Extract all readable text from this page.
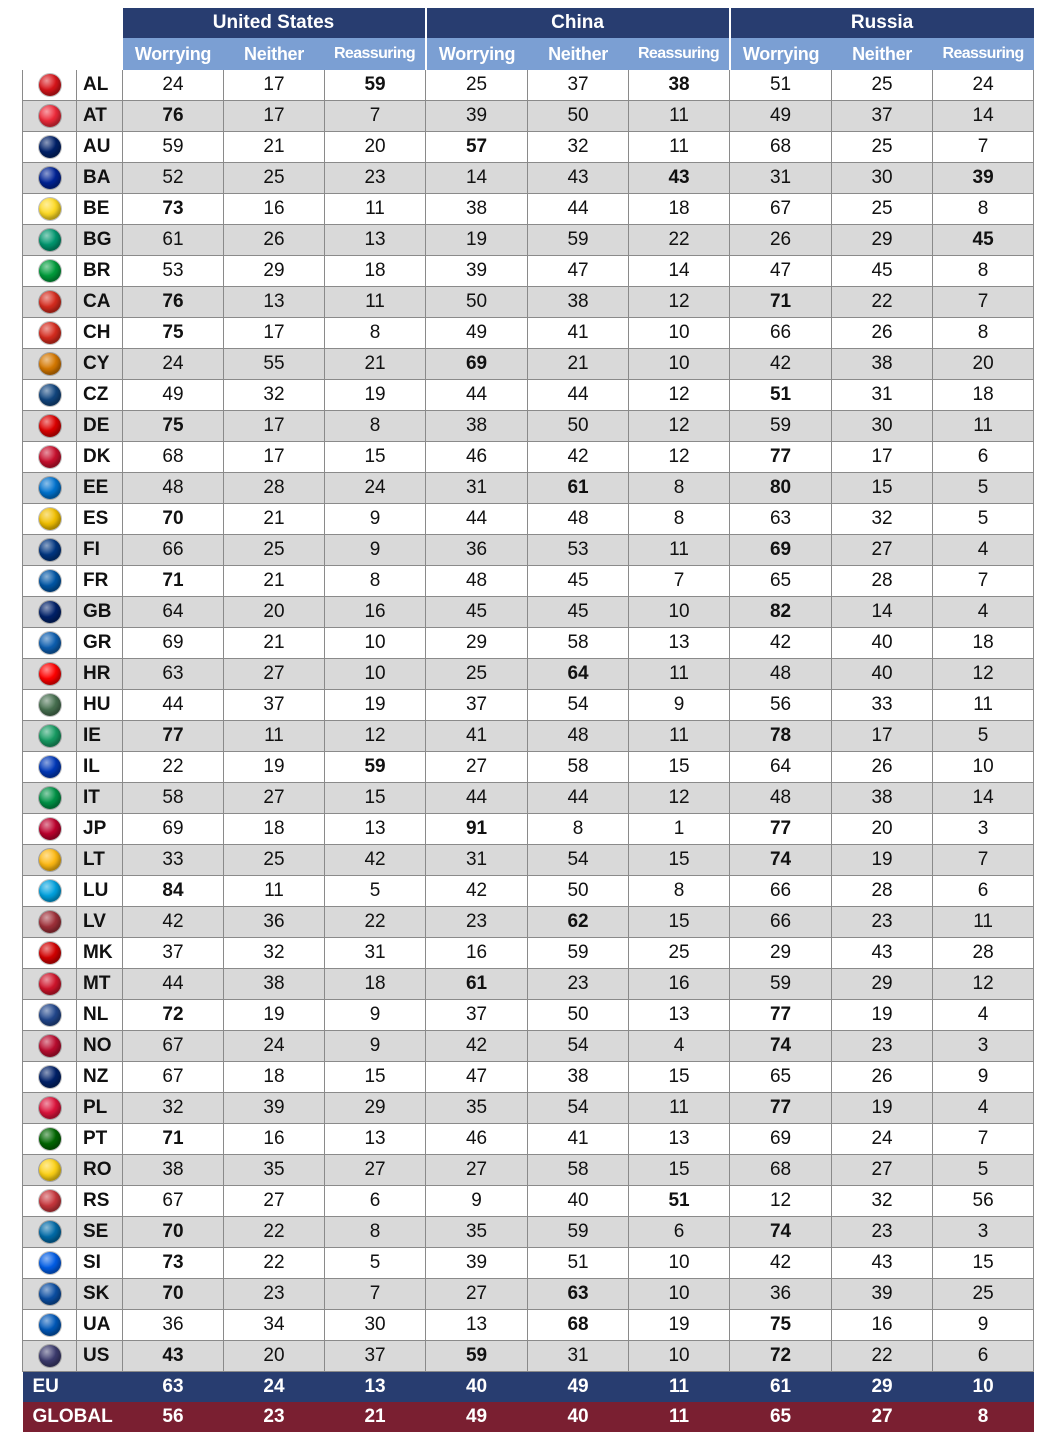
		United States			China			Russia		
		Worrying	Neither	Reassuring	Worrying	Neither	Reassuring	Worrying	Neither	Reassuring
	AL	24	17	59	25	37	38	51	25	24
	AT	76	17	7	39	50	11	49	37	14
	AU	59	21	20	57	32	11	68	25	7
	BA	52	25	23	14	43	43	31	30	39
	BE	73	16	11	38	44	18	67	25	8
	BG	61	26	13	19	59	22	26	29	45
	BR	53	29	18	39	47	14	47	45	8
	CA	76	13	11	50	38	12	71	22	7
	CH	75	17	8	49	41	10	66	26	8
	CY	24	55	21	69	21	10	42	38	20
	CZ	49	32	19	44	44	12	51	31	18
	DE	75	17	8	38	50	12	59	30	11
	DK	68	17	15	46	42	12	77	17	6
	EE	48	28	24	31	61	8	80	15	5
	ES	70	21	9	44	48	8	63	32	5
	FI	66	25	9	36	53	11	69	27	4
	FR	71	21	8	48	45	7	65	28	7
	GB	64	20	16	45	45	10	82	14	4
	GR	69	21	10	29	58	13	42	40	18
	HR	63	27	10	25	64	11	48	40	12
	HU	44	37	19	37	54	9	56	33	11
	IE	77	11	12	41	48	11	78	17	5
	IL	22	19	59	27	58	15	64	26	10
	IT	58	27	15	44	44	12	48	38	14
	JP	69	18	13	91	8	1	77	20	3
	LT	33	25	42	31	54	15	74	19	7
	LU	84	11	5	42	50	8	66	28	6
	LV	42	36	22	23	62	15	66	23	11
	MK	37	32	31	16	59	25	29	43	28
	MT	44	38	18	61	23	16	59	29	12
	NL	72	19	9	37	50	13	77	19	4
	NO	67	24	9	42	54	4	74	23	3
	NZ	67	18	15	47	38	15	65	26	9
	PL	32	39	29	35	54	11	77	19	4
	PT	71	16	13	46	41	13	69	24	7
	RO	38	35	27	27	58	15	68	27	5
	RS	67	27	6	9	40	51	12	32	56
	SE	70	22	8	35	59	6	74	23	3
	SI	73	22	5	39	51	10	42	43	15
	SK	70	23	7	27	63	10	36	39	25
	UA	36	34	30	13	68	19	75	16	9
	US	43	20	37	59	31	10	72	22	6
EU		63	24	13	40	49	11	61	29	10
GLOBAL		56	23	21	49	40	11	65	27	8
